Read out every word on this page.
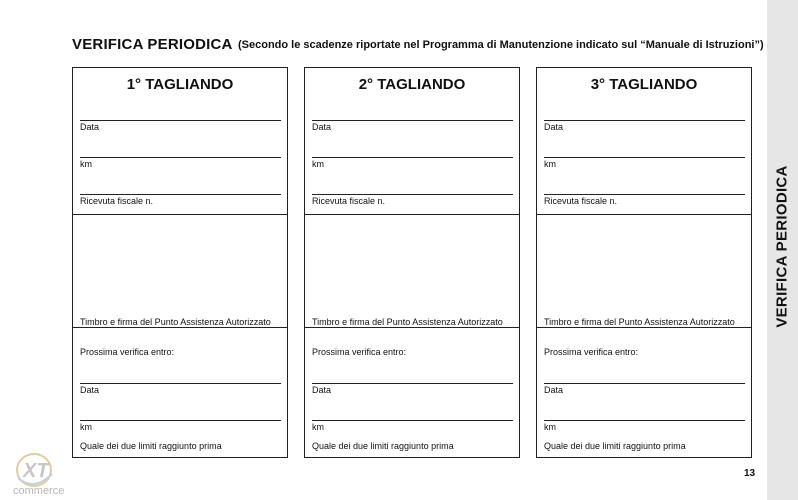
VERIFICA PERIODICA (Secondo le scadenze riportate nel Programma di Manutenzione indicato sul “Manuale di Istruzioni”)
1° TAGLIANDO
Data
km
Ricevuta fiscale n.
Timbro e firma del Punto Assistenza Autorizzato
Prossima verifica entro:
Data
km
Quale dei due limiti raggiunto prima
2° TAGLIANDO
Data
km
Ricevuta fiscale n.
Timbro e firma del Punto Assistenza Autorizzato
Prossima verifica entro:
Data
km
Quale dei due limiti raggiunto prima
3° TAGLIANDO
Data
km
Ricevuta fiscale n.
Timbro e firma del Punto Assistenza Autorizzato
Prossima verifica entro:
Data
km
Quale dei due limiti raggiunto prima
VERIFICA PERIODICA
13
XT
commerce
